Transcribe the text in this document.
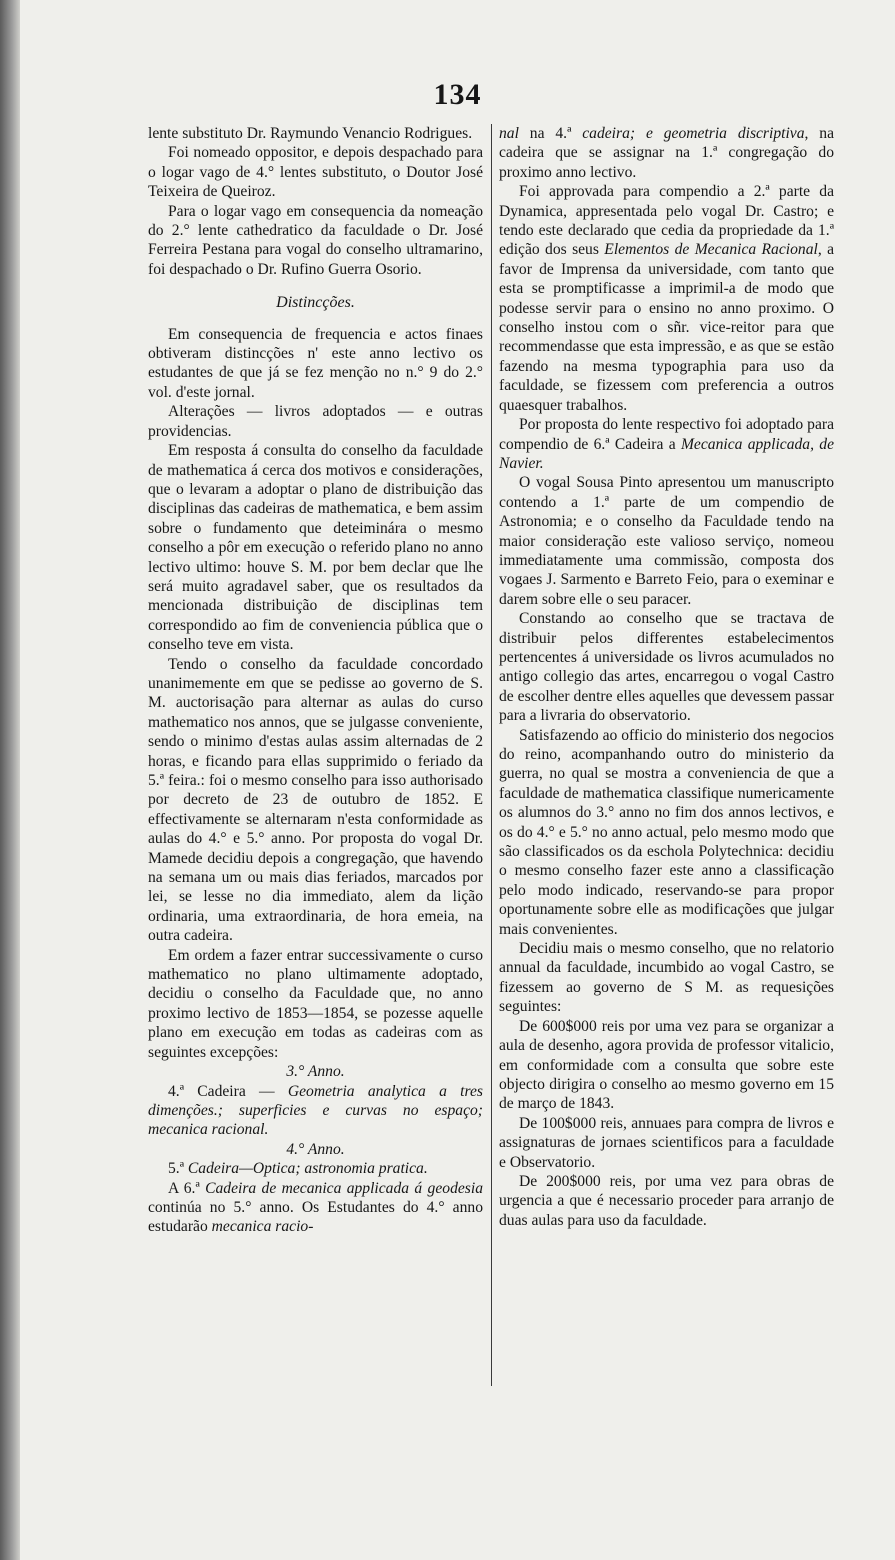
134

lente substituto Dr. Raymundo Venancio Rodrigues.

Foi nomeado oppositor, e depois despachado para o logar vago de 4.° lentes substituto, o Doutor José Teixeira de Queiroz.

Para o logar vago em consequencia da nomeação do 2.° lente cathedratico da faculdade o Dr. José Ferreira Pestana para vogal do conselho ultramarino, foi despachado o Dr. Rufino Guerra Osorio.

Distincções.

Em consequencia de frequencia e actos finaes obtiveram distincções n' este anno lectivo os estudantes de que já se fez menção no n.° 9 do 2.° vol. d'este jornal.

Alterações — livros adoptados — e outras providencias.

Em resposta á consulta do conselho da faculdade de mathematica á cerca dos motivos e considerações, que o levaram a adoptar o plano de distribuição das disciplinas das cadeiras de mathematica, e bem assim sobre o fundamento que deteiminára o mesmo conselho a pôr em execução o referido plano no anno lectivo ultimo: houve S. M. por bem declar que lhe será muito agradavel saber, que os resultados da mencionada distribuição de disciplinas tem correspondido ao fim de conveniencia pública que o conselho teve em vista.

Tendo o conselho da faculdade concordado unanimemente em que se pedisse ao governo de S. M. auctorisação para alternar as aulas do curso mathematico nos annos, que se julgasse conveniente, sendo o minimo d'estas aulas assim alternadas de 2 horas, e ficando para ellas supprimido o feriado da 5.ª feira.: foi o mesmo conselho para isso authorisado por decreto de 23 de outubro de 1852. E effectivamente se alternaram n'esta conformidade as aulas do 4.° e 5.° anno. Por proposta do vogal Dr. Mamede decidiu depois a congregação, que havendo na semana um ou mais dias feriados, marcados por lei, se lesse no dia immediato, alem da lição ordinaria, uma extraordinaria, de hora emeia, na outra cadeira.

Em ordem a fazer entrar successivamente o curso mathematico no plano ultimamente adoptado, decidiu o conselho da Faculdade que, no anno proximo lectivo de 1853—1854, se pozesse aquelle plano em execução em todas as cadeiras com as seguintes excepções:

3.° Anno.

4.ª Cadeira — Geometria analytica a tres dimenções.; superficies e curvas no espaço; mecanica racional.

4.° Anno.

5.ª Cadeira—Optica; astronomia pratica.

A 6.ª Cadeira de mecanica applicada á geodesia continúa no 5.° anno. Os Estudantes do 4.° anno estudarão mecanica racio-

nal na 4.ª cadeira; e geometria discriptiva, na cadeira que se assignar na 1.ª congregação do proximo anno lectivo.

Foi approvada para compendio a 2.ª parte da Dynamica, appresentada pelo vogal Dr. Castro; e tendo este declarado que cedia da propriedade da 1.ª edição dos seus Elementos de Mecanica Racional, a favor de Imprensa da universidade, com tanto que esta se promptificasse a imprimil-a de modo que podesse servir para o ensino no anno proximo. O conselho instou com o sñr. vice-reitor para que recommendasse que esta impressão, e as que se estão fazendo na mesma typographia para uso da faculdade, se fizessem com preferencia a outros quaesquer trabalhos.

Por proposta do lente respectivo foi adoptado para compendio de 6.ª Cadeira a Mecanica applicada, de Navier.

O vogal Sousa Pinto apresentou um manuscripto contendo a 1.ª parte de um compendio de Astronomia; e o conselho da Faculdade tendo na maior consideração este valioso serviço, nomeou immediatamente uma commissão, composta dos vogaes J. Sarmento e Barreto Feio, para o exeminar e darem sobre elle o seu paracer.

Constando ao conselho que se tractava de distribuir pelos differentes estabelecimentos pertencentes á universidade os livros acumulados no antigo collegio das artes, encarregou o vogal Castro de escolher dentre elles aquelles que devessem passar para a livraria do observatorio.

Satisfazendo ao officio do ministerio dos negocios do reino, acompanhando outro do ministerio da guerra, no qual se mostra a conveniencia de que a faculdade de mathematica classifique numericamente os alumnos do 3.° anno no fim dos annos lectivos, e os do 4.° e 5.° no anno actual, pelo mesmo modo que são classificados os da eschola Polytechnica: decidiu o mesmo conselho fazer este anno a classificação pelo modo indicado, reservando-se para propor oportunamente sobre elle as modificações que julgar mais convenientes.

Decidiu mais o mesmo conselho, que no relatorio annual da faculdade, incumbido ao vogal Castro, se fizessem ao governo de S M. as requesições seguintes:

De 600$000 reis por uma vez para se organizar a aula de desenho, agora provida de professor vitalicio, em conformidade com a consulta que sobre este objecto dirigira o conselho ao mesmo governo em 15 de março de 1843.

De 100$000 reis, annuaes para compra de livros e assignaturas de jornaes scientificos para a faculdade e Observatorio.

De 200$000 reis, por uma vez para obras de urgencia a que é necessario proceder para arranjo de duas aulas para uso da faculdade.
